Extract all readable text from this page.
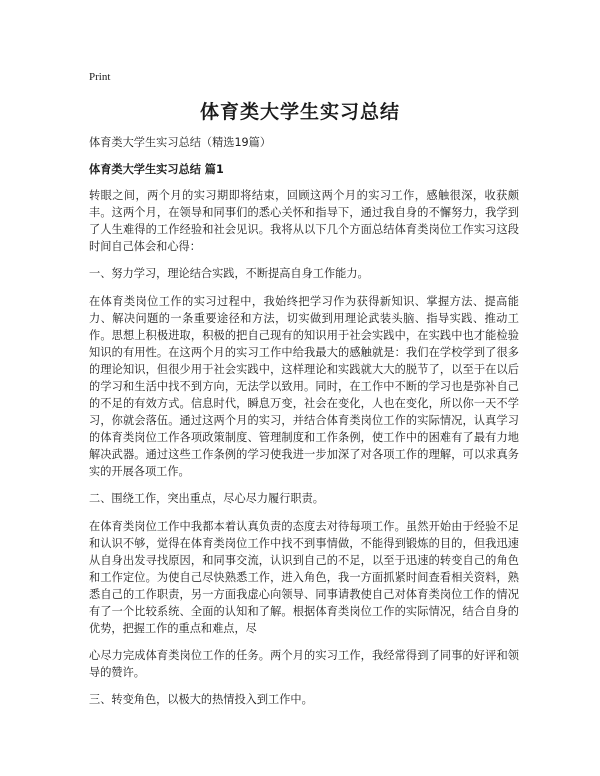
Print
体育类大学生实习总结

体育类大学生实习总结（精选19篇）

体育类大学生实习总结 篇1

转眼之间，两个月的实习期即将结束，回顾这两个月的实习工作，感触很深，收获颇丰。这两个月，在领导和同事们的悉心关怀和指导下，通过我自身的不懈努力，我学到了人生难得的工作经验和社会见识。我将从以下几个方面总结体育类岗位工作实习这段时间自己体会和心得：

一、努力学习，理论结合实践，不断提高自身工作能力。

在体育类岗位工作的实习过程中，我始终把学习作为获得新知识、掌握方法、提高能力、解决问题的一条重要途径和方法，切实做到用理论武装头脑、指导实践、推动工作。思想上积极进取，积极的把自己现有的知识用于社会实践中，在实践中也才能检验知识的有用性。在这两个月的实习工作中给我最大的感触就是：我们在学校学到了很多的理论知识，但很少用于社会实践中，这样理论和实践就大大的脱节了，以至于在以后的学习和生活中找不到方向，无法学以致用。同时，在工作中不断的学习也是弥补自己的不足的有效方式。信息时代，瞬息万变，社会在变化，人也在变化，所以你一天不学习，你就会落伍。通过这两个月的实习，并结合体育类岗位工作的实际情况，认真学习的体育类岗位工作各项政策制度、管理制度和工作条例，使工作中的困难有了最有力地解决武器。通过这些工作条例的学习使我进一步加深了对各项工作的理解，可以求真务实的开展各项工作。

二、围绕工作，突出重点，尽心尽力履行职责。

在体育类岗位工作中我都本着认真负责的态度去对待每项工作。虽然开始由于经验不足和认识不够，觉得在体育类岗位工作中找不到事情做，不能得到锻炼的目的，但我迅速从自身出发寻找原因，和同事交流，认识到自己的不足，以至于迅速的转变自己的角色和工作定位。为使自己尽快熟悉工作，进入角色，我一方面抓紧时间查看相关资料，熟悉自己的工作职责，另一方面我虚心向领导、同事请教使自己对体育类岗位工作的情况有了一个比较系统、全面的认知和了解。根据体育类岗位工作的实际情况，结合自身的优势，把握工作的重点和难点，尽

心尽力完成体育类岗位工作的任务。两个月的实习工作，我经常得到了同事的好评和领导的赞许。

三、转变角色，以极大的热情投入到工作中。
